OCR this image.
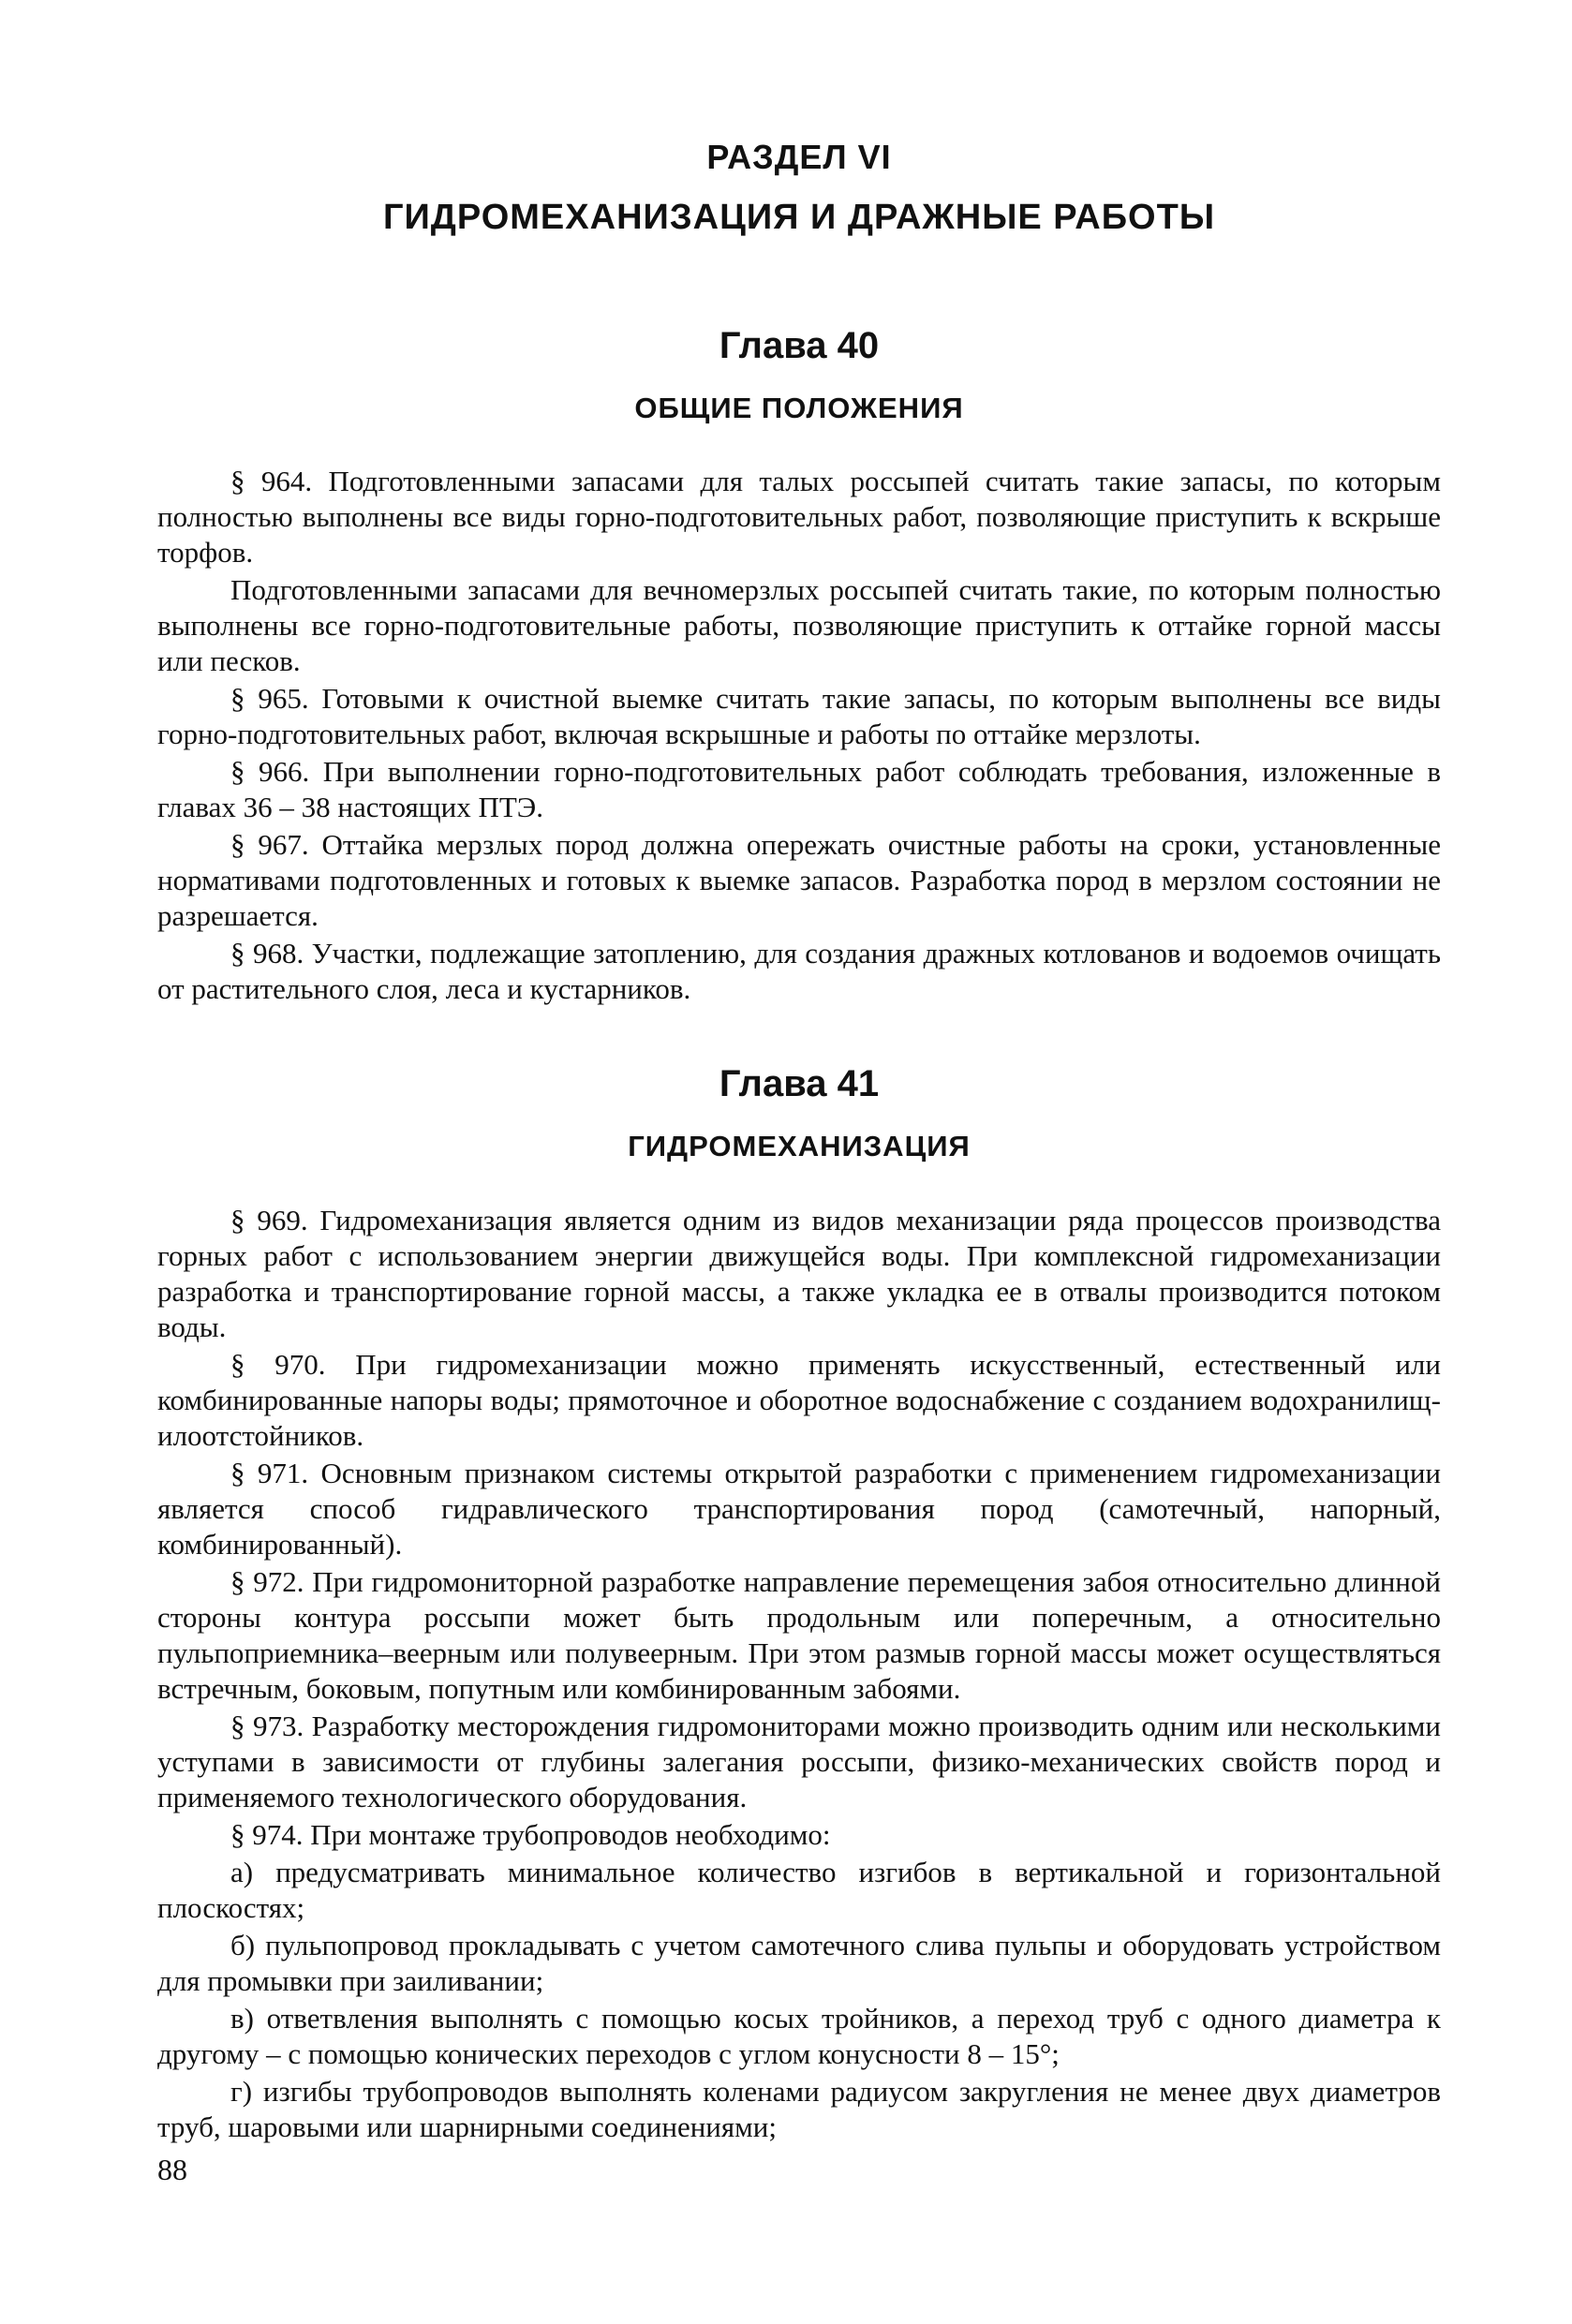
РАЗДЕЛ VI
ГИДРОМЕХАНИЗАЦИЯ И ДРАЖНЫЕ РАБОТЫ
Глава 40
ОБЩИЕ ПОЛОЖЕНИЯ

§ 964. Подготовленными запасами для талых россыпей считать такие запасы, по которым полностью выполнены все виды горно-подготовительных работ, позволяющие приступить к вскрыше торфов.

Подготовленными запасами для вечномерзлых россыпей считать такие, по которым полностью выполнены все горно-подготовительные работы, позволяющие приступить к оттайке горной массы или песков.

§ 965. Готовыми к очистной выемке считать такие запасы, по которым выполнены все виды горно-подготовительных работ, включая вскрышные и работы по оттайке мерзлоты.

§ 966. При выполнении горно-подготовительных работ соблюдать требования, изложенные в главах 36 – 38 настоящих ПТЭ.

§ 967. Оттайка мерзлых пород должна опережать очистные работы на сроки, установленные нормативами подготовленных и готовых к выемке запасов. Разработка пород в мерзлом состоянии не разрешается.

§ 968. Участки, подлежащие затоплению, для создания дражных котлованов и водоемов очищать от растительного слоя, леса и кустарников.

Глава 41
ГИДРОМЕХАНИЗАЦИЯ

§ 969. Гидромеханизация является одним из видов механизации ряда процессов производства горных работ с использованием энергии движущейся воды. При комплексной гидромеханизации разработка и транспортирование горной массы, а также укладка ее в отвалы производится потоком воды.

§ 970. При гидромеханизации можно применять искусственный, естественный или комбинированные напоры воды; прямоточное и оборотное водоснабжение с созданием водохранилищ-илоотстойников.

§ 971. Основным признаком системы открытой разработки с применением гидромеханизации является способ гидравлического транспортирования пород (самотечный, напорный, комбинированный).

§ 972. При гидромониторной разработке направление перемещения забоя относительно длинной стороны контура россыпи может быть продольным или поперечным, а относительно пульпоприемника–веерным или полувеерным. При этом размыв горной массы может осуществляться встречным, боковым, попутным или комбинированным забоями.

§ 973. Разработку месторождения гидромониторами можно производить одним или несколькими уступами в зависимости от глубины залегания россыпи, физико-механических свойств пород и применяемого технологического оборудования.

§ 974. При монтаже трубопроводов необходимо:

а) предусматривать минимальное количество изгибов в вертикальной и горизонтальной плоскостях;

б) пульпопровод прокладывать с учетом самотечного слива пульпы и оборудовать устройством для промывки при заиливании;

в) ответвления выполнять с помощью косых тройников, а переход труб с одного диаметра к другому – с помощью конических переходов с углом конусности 8 – 15°;

г) изгибы трубопроводов выполнять коленами радиусом закругления не менее двух диаметров труб, шаровыми или шарнирными соединениями;

88
